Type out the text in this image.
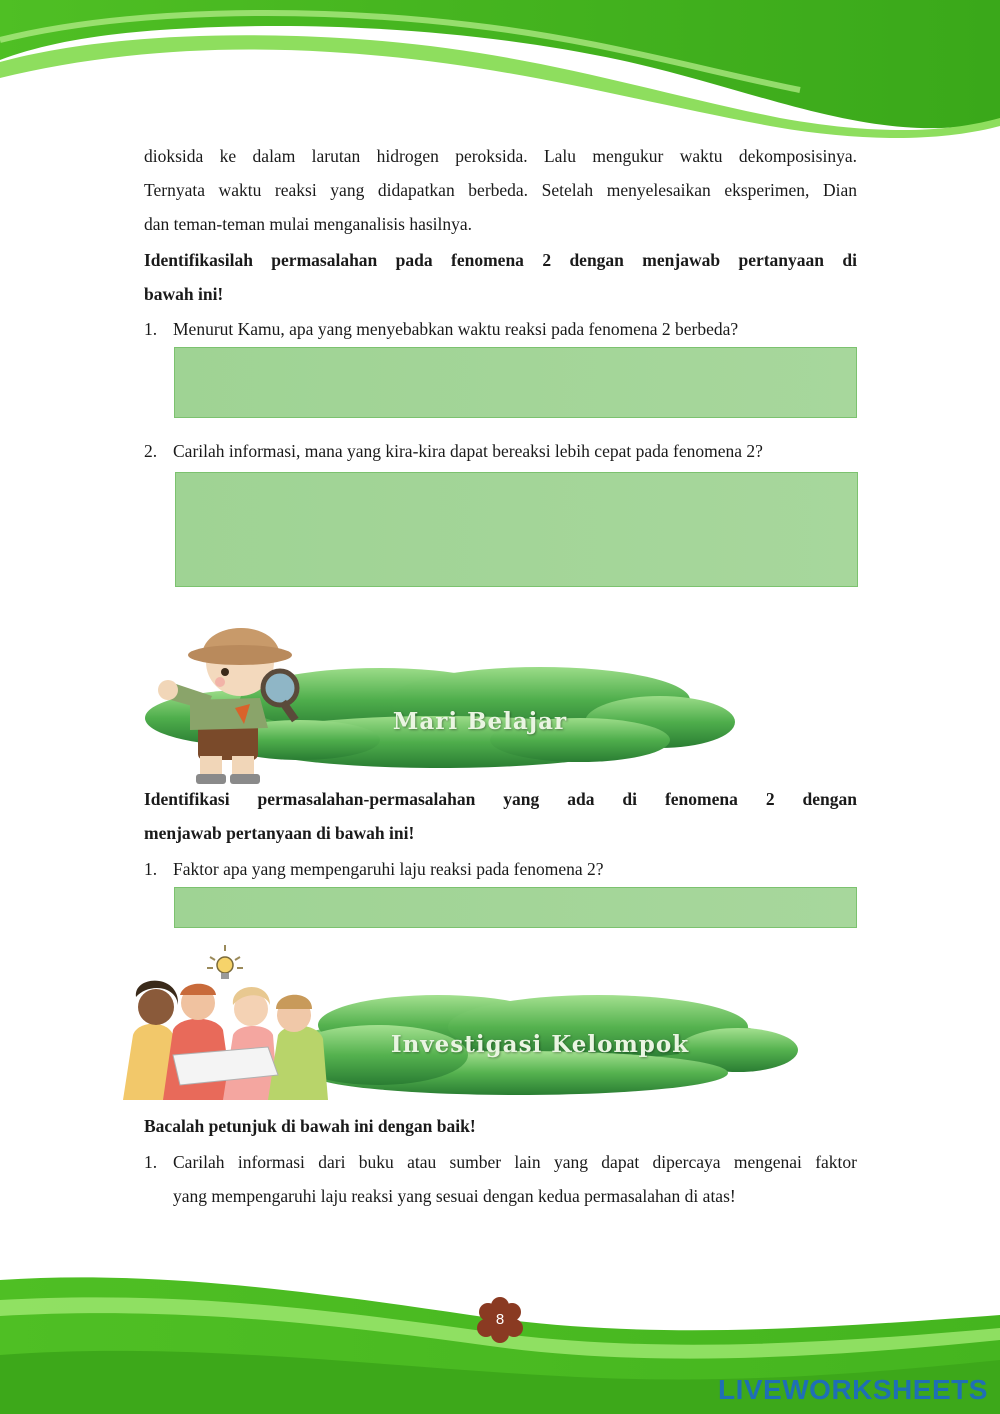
dioksida ke dalam larutan hidrogen peroksida. Lalu mengukur waktu dekomposisinya.
Ternyata waktu reaksi yang didapatkan berbeda. Setelah menyelesaikan eksperimen, Dian
dan teman-teman mulai menganalisis hasilnya.
Identifikasilah permasalahan pada fenomena 2 dengan menjawab pertanyaan di
bawah ini!
1. Menurut Kamu, apa yang menyebabkan waktu reaksi pada fenomena 2 berbeda?
2. Carilah informasi, mana yang kira-kira dapat bereaksi lebih cepat pada fenomena 2?
Mari Belajar
Identifikasi permasalahan-permasalahan yang ada di fenomena 2 dengan
menjawab pertanyaan di bawah ini!
1. Faktor apa yang mempengaruhi laju reaksi pada fenomena 2?
Investigasi Kelompok
Bacalah petunjuk di bawah ini dengan baik!
1. Carilah informasi dari buku atau sumber lain yang dapat dipercaya mengenai faktor
yang mempengaruhi laju reaksi yang sesuai dengan kedua permasalahan di atas!
8
LIVEWORKSHEETS
